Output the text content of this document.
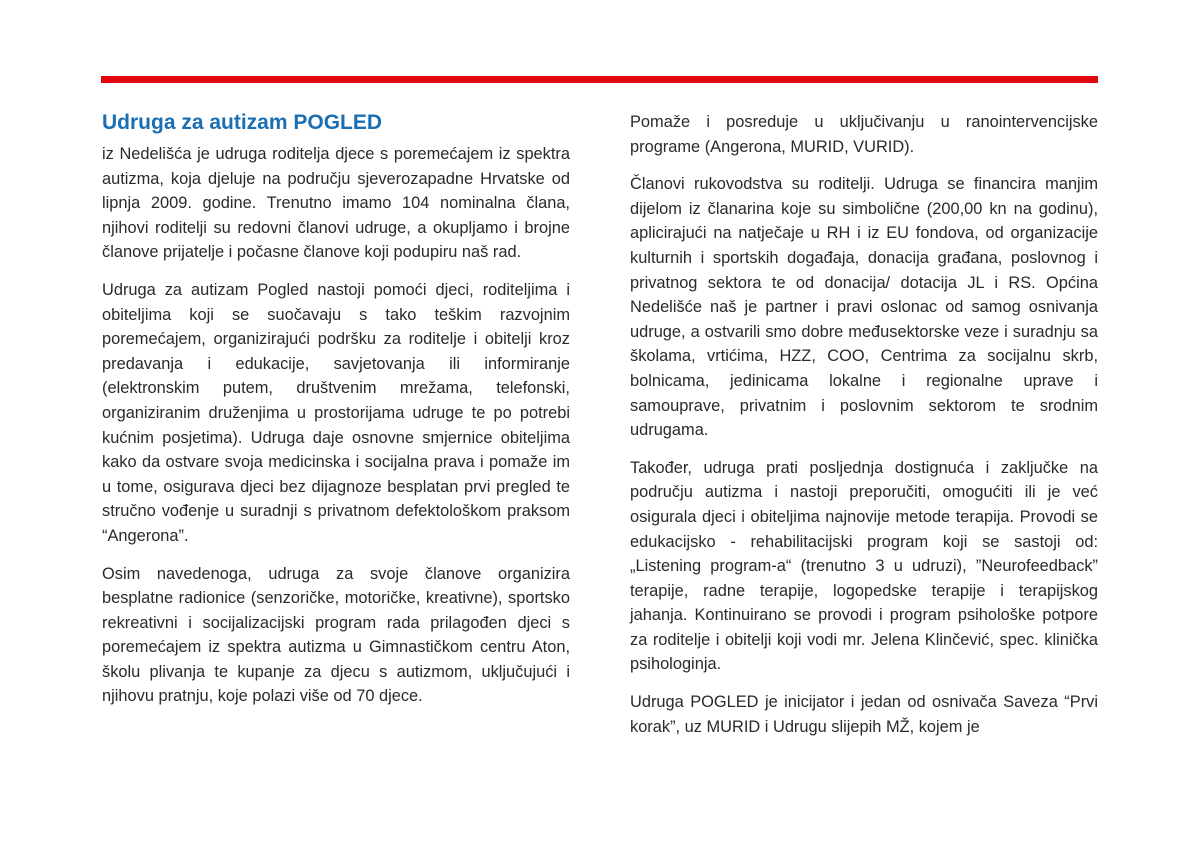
Udruga za autizam POGLED

iz Nedelišća je udruga roditelja djece s poremećajem iz spektra autizma, koja djeluje na području sjeverozapadne Hrvatske od lipnja 2009. godine. Trenutno imamo 104 nominalna člana, njihovi roditelji su redovni članovi udruge, a okupljamo i brojne članove prijatelje i počasne članove koji podupiru naš rad.

Udruga za autizam Pogled nastoji pomoći djeci, roditeljima i obiteljima koji se suočavaju s tako teškim razvojnim poremećajem, organizirajući podršku za roditelje i obitelji kroz predavanja i edukacije, savjetovanja ili informiranje (elektronskim putem, društvenim mrežama, telefonski, organiziranim druženjima u prostorijama udruge te po potrebi kućnim posjetima). Udruga daje osnovne smjernice obiteljima kako da ostvare svoja medicinska i socijalna prava i pomaže im u tome, osigurava djeci bez dijagnoze besplatan prvi pregled te stručno vođenje u suradnji s privatnom defektološkom praksom “Angerona”.

Osim navedenoga, udruga za svoje članove organizira besplatne radionice (senzoričke, motoričke, kreativne), sportsko rekreativni i socijalizacijski program rada prilagođen djeci s poremećajem iz spektra autizma u Gimnastičkom centru Aton, školu plivanja te kupanje za djecu s autizmom, uključujući i njihovu pratnju, koje polazi više od 70 djece.

Pomaže i posreduje u uključivanju u ranointervencijske programe (Angerona, MURID, VURID).

Članovi rukovodstva su roditelji. Udruga se financira manjim dijelom iz članarina koje su simbolične (200,00 kn na godinu), aplicirajući na natječaje u RH i iz EU fondova, od organizacije kulturnih i sportskih događaja, donacija građana, poslovnog i privatnog sektora te od donacija/ dotacija JL i RS. Općina Nedelišće naš je partner i pravi oslonac od samog osnivanja udruge, a ostvarili smo dobre međusektorske veze i suradnju sa školama, vrtićima, HZZ, COO, Centrima za socijalnu skrb, bolnicama, jedinicama lokalne i regionalne uprave i samouprave, privatnim i poslovnim sektorom te srodnim udrugama.

Također, udruga prati posljednja dostignuća i zaključke na području autizma i nastoji preporučiti, omogućiti ili je već osigurala djeci i obiteljima najnovije metode terapija. Provodi se edukacijsko - rehabilitacijski program koji se sastoji od: „Listening program-a“ (trenutno 3 u udruzi), ”Neurofeedback” terapije, radne terapije, logopedske terapije i terapijskog jahanja. Kontinuirano se provodi i program psihološke potpore za roditelje i obitelji koji vodi mr. Jelena Klinčević, spec. klinička psihologinja.

Udruga POGLED je inicijator i jedan od osnivača Saveza “Prvi korak”, uz MURID i Udrugu slijepih MŽ, kojem je
